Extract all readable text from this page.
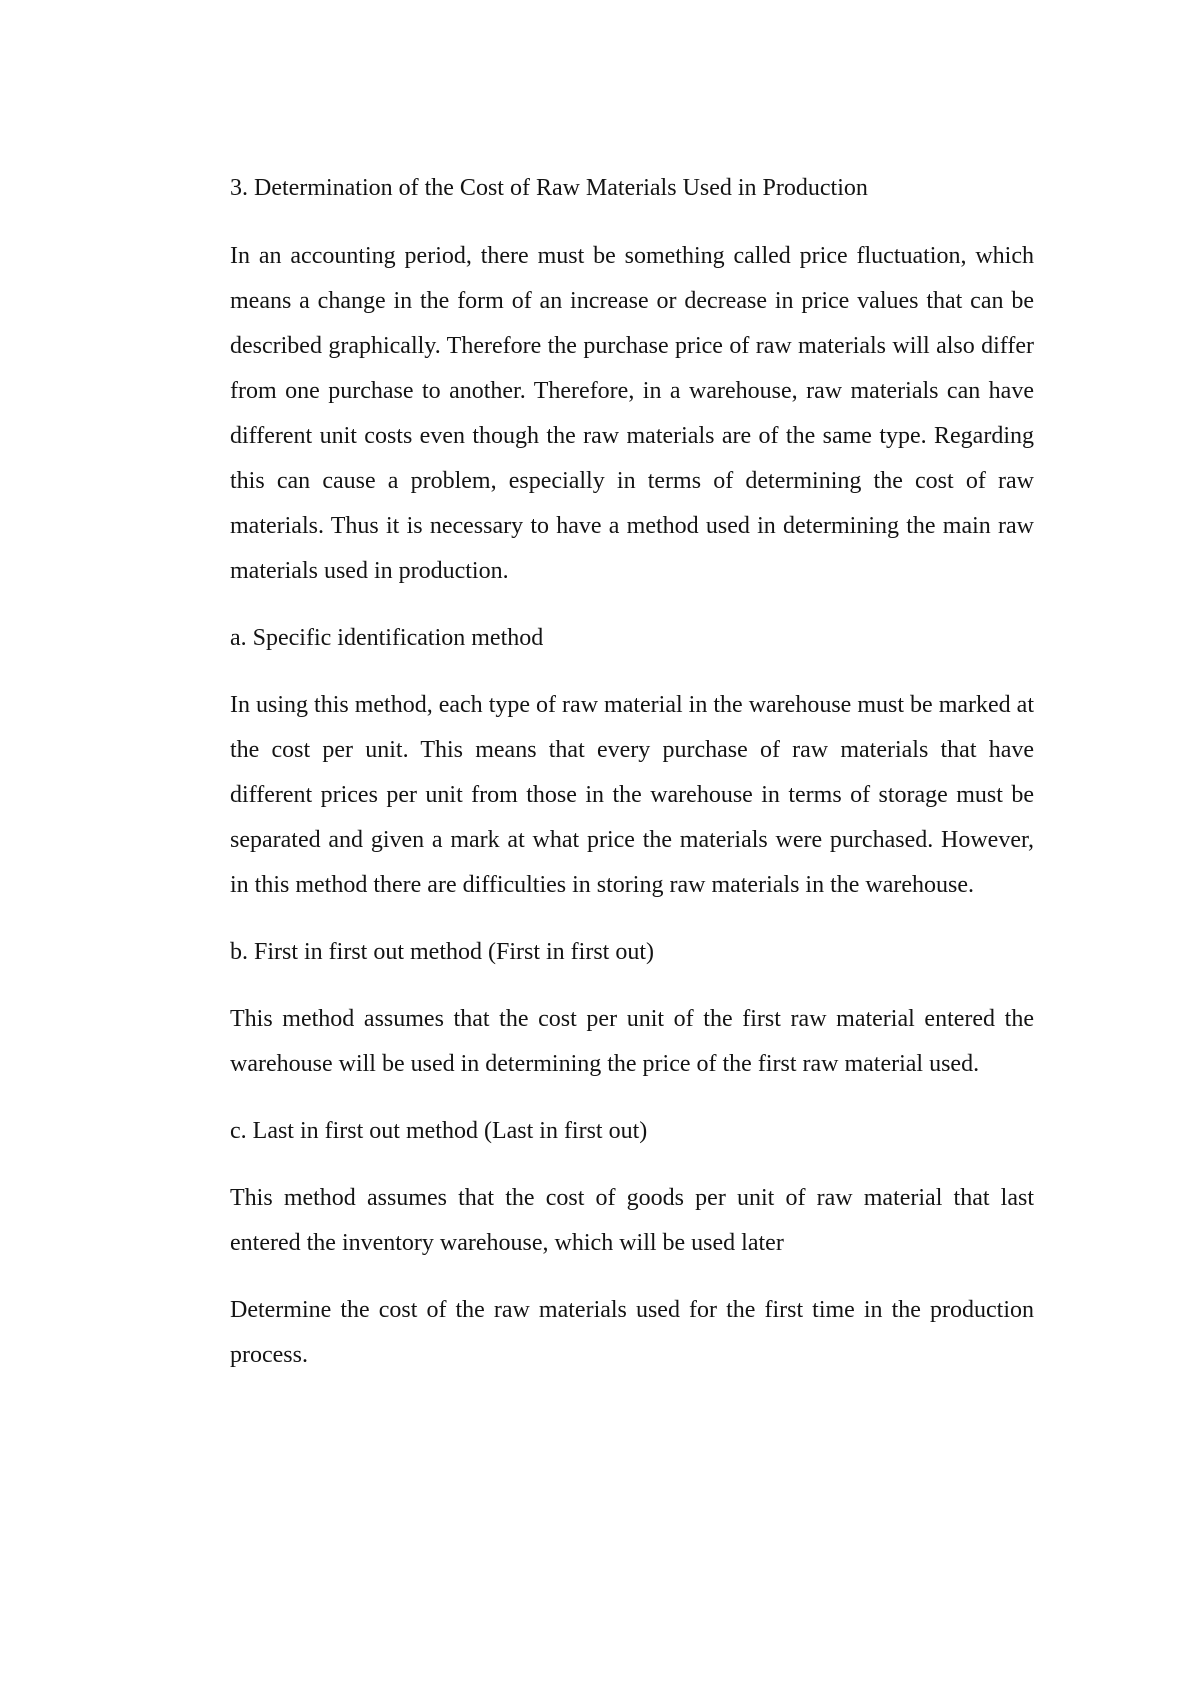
3. Determination of the Cost of Raw Materials Used in Production

In an accounting period, there must be something called price fluctuation, which means a change in the form of an increase or decrease in price values that can be described graphically. Therefore the purchase price of raw materials will also differ from one purchase to another. Therefore, in a warehouse, raw materials can have different unit costs even though the raw materials are of the same type. Regarding this can cause a problem, especially in terms of determining the cost of raw materials. Thus it is necessary to have a method used in determining the main raw materials used in production.

a. Specific identification method

In using this method, each type of raw material in the warehouse must be marked at the cost per unit. This means that every purchase of raw materials that have different prices per unit from those in the warehouse in terms of storage must be separated and given a mark at what price the materials were purchased. However, in this method there are difficulties in storing raw materials in the warehouse.

b. First in first out method (First in first out)

This method assumes that the cost per unit of the first raw material entered the warehouse will be used in determining the price of the first raw material used.

c. Last in first out method (Last in first out)

This method assumes that the cost of goods per unit of raw material that last entered the inventory warehouse, which will be used later

Determine the cost of the raw materials used for the first time in the production process.
